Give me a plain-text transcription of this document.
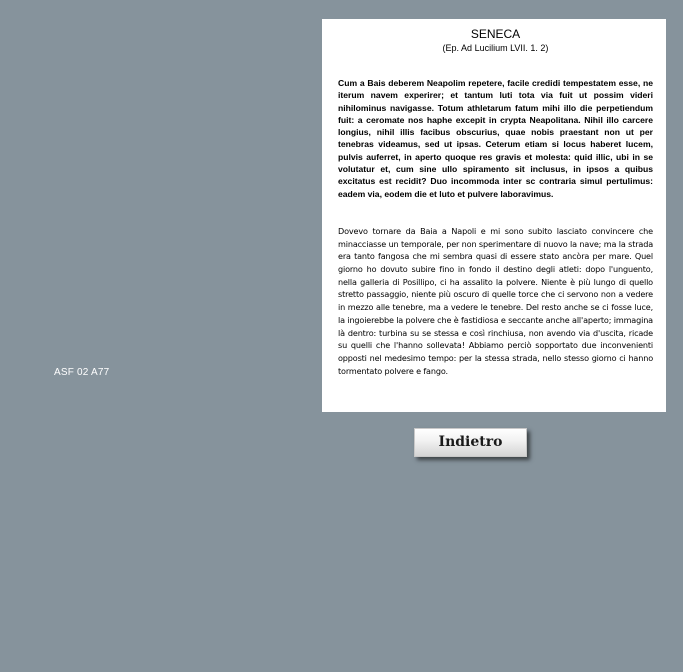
ASF 02 A77
SENECA
(Ep. Ad Lucilium LVII. 1. 2)
Cum a Bais deberem Neapolim repetere, facile credidi tempestatem esse, ne iterum navem experirer; et tantum luti tota via fuit ut possim videri nihilominus navigasse. Totum athletarum fatum mihi illo die perpetiendum fuit: a ceromate nos haphe excepit in crypta Neapolitana. Nihil illo carcere longius, nihil illis facibus obscurius, quae nobis praestant non ut per tenebras videamus, sed ut ipsas. Ceterum etiam si locus haberet lucem, pulvis auferret, in aperto quoque res gravis et molesta: quid illic, ubi in se volutatur et, cum sine ullo spiramento sit inclusus, in ipsos a quibus excitatus est recidit? Duo incommoda inter sc contraria simul pertulimus: eadem via, eodem die et luto et pulvere laboravimus.
Dovevo tornare da Baia a Napoli e mi sono subito lasciato convincere che minacciasse un temporale, per non sperimentare di nuovo la nave; ma la strada era tanto fangosa che mi sembra quasi di essere stato ancòra per mare. Quel giorno ho dovuto subire fino in fondo il destino degli atleti: dopo l'unguento, nella galleria di Posillipo, ci ha assalito la polvere. Niente è più lungo di quello stretto passaggio, niente più oscuro di quelle torce che ci servono non a vedere in mezzo alle tenebre, ma a vedere le tenebre. Del resto anche se ci fosse luce, la ingoierebbe la polvere che è fastidiosa e seccante anche all'aperto; immagina là dentro: turbina su se stessa e così rinchiusa, non avendo via d'uscita, ricade su quelli che l'hanno sollevata! Abbiamo perciò sopportato due inconvenienti opposti nel medesimo tempo: per la stessa strada, nello stesso giorno ci hanno tormentato polvere e fango.
Indietro
